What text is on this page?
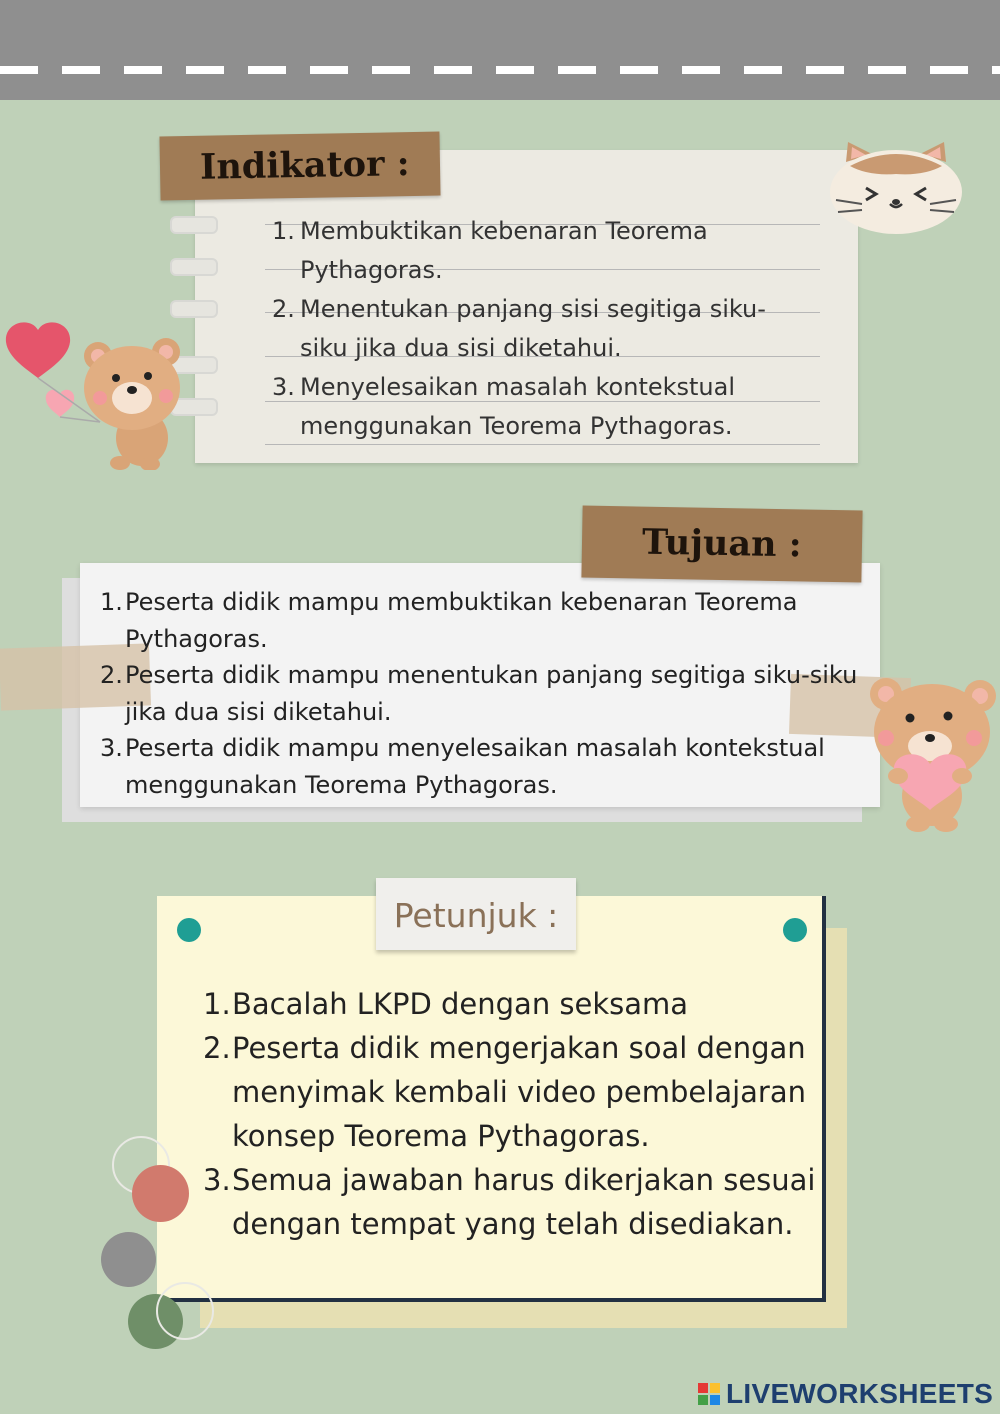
Indikator :
1. Membuktikan kebenaran Teorema Pythagoras.
2. Menentukan panjang sisi segitiga siku-siku jika dua sisi diketahui.
3. Menyelesaikan masalah kontekstual menggunakan Teorema Pythagoras.
Tujuan :
1. Peserta didik mampu membuktikan kebenaran Teorema Pythagoras.
2. Peserta didik mampu menentukan panjang segitiga siku-siku jika dua sisi diketahui.
3. Peserta didik mampu menyelesaikan masalah kontekstual menggunakan Teorema Pythagoras.
Petunjuk :
1. Bacalah LKPD dengan seksama
2. Peserta didik mengerjakan soal dengan menyimak kembali video pembelajaran konsep Teorema Pythagoras.
3. Semua jawaban harus dikerjakan sesuai dengan tempat yang telah disediakan.
LIVEWORKSHEETS
